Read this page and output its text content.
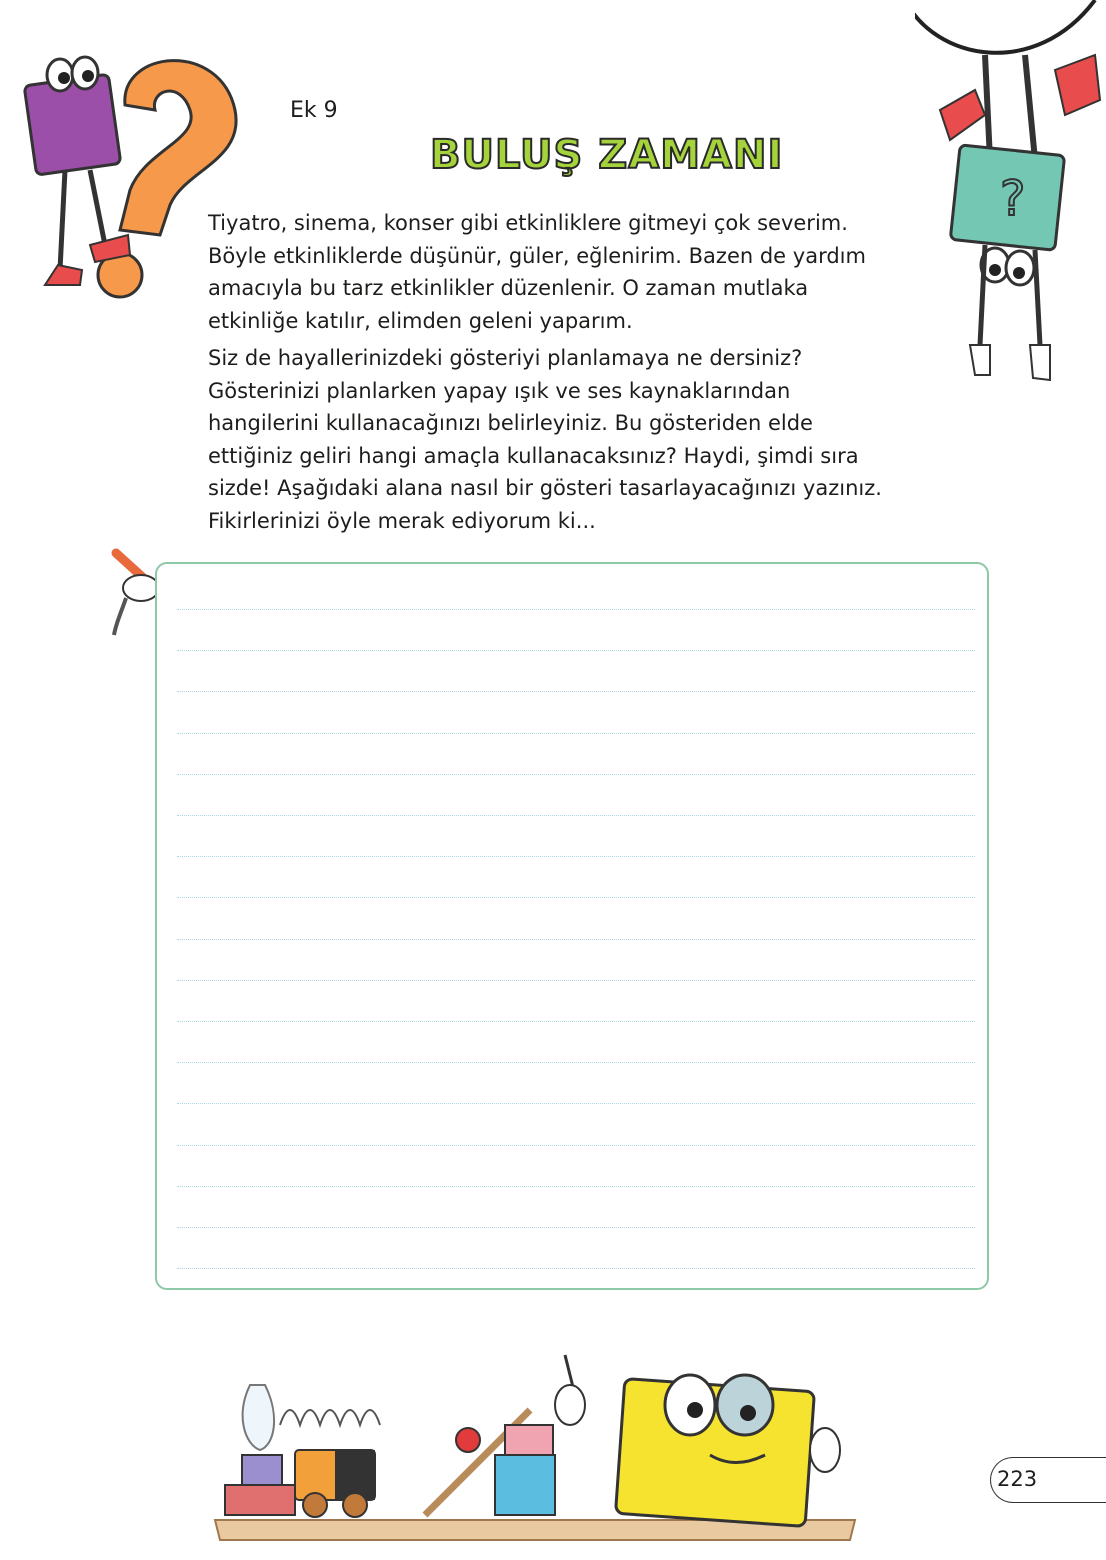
?
Ek 9
BULUŞ ZAMANI

Tiyatro, sinema, konser gibi etkinliklere gitmeyi çok severim.
Böyle etkinliklerde düşünür, güler, eğlenirim. Bazen de yardım
amacıyla bu tarz etkinlikler düzenlenir. O zaman mutlaka
etkinliğe katılır, elimden geleni yaparım.

Siz de hayallerinizdeki gösteriyi planlamaya ne dersiniz?
Gösterinizi planlarken yapay ışık ve ses kaynaklarından
hangilerini kullanacağınızı belirleyiniz. Bu gösteriden elde
ettiğiniz geliri hangi amaçla kullanacaksınız? Haydi, şimdi sıra
sizde! Aşağıdaki alana nasıl bir gösteri tasarlayacağınızı yazınız.
Fikirlerinizi öyle merak ediyorum ki...

223
